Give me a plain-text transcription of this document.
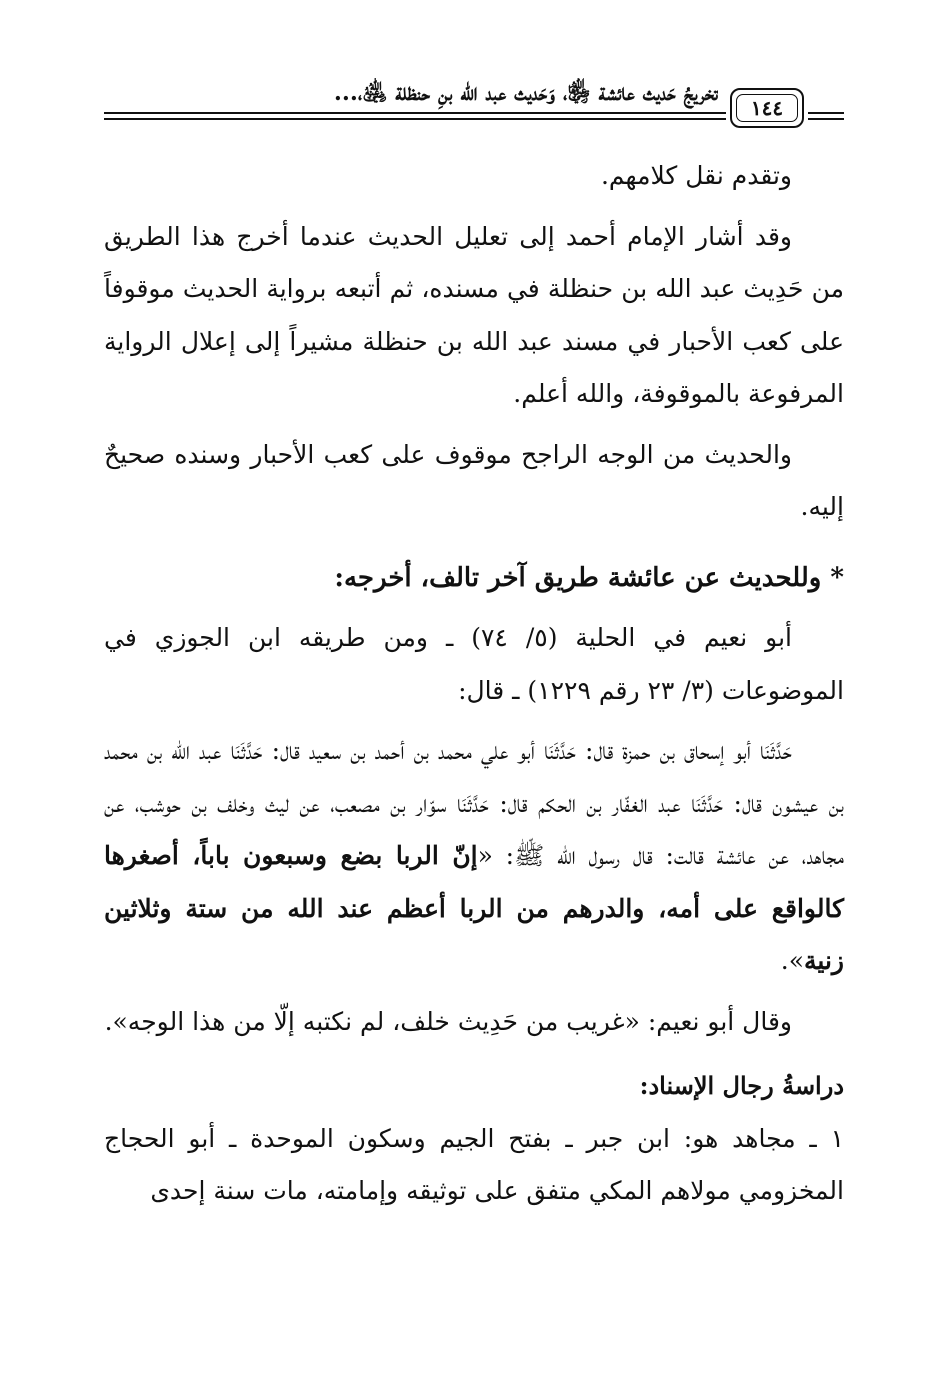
تخريجُ حَديث عائشة ﵂، وَحَديث عبد الله بنِ حنظلة ﵁،...
١٤٤

وتقدم نقل كلامهم.

وقد أشار الإمام أحمد إلى تعليل الحديث عندما أخرج هذا الطريق من حَدِيث عبد الله بن حنظلة في مسنده، ثم أتبعه برواية الحديث موقوفاً على كعب الأحبار في مسند عبد الله بن حنظلة مشيراً إلى إعلال الرواية المرفوعة بالموقوفة، والله أعلم.

والحديث من الوجه الراجح موقوف على كعب الأحبار وسنده صحيحٌ إليه.

* وللحديث عن عائشة طريق آخر تالف، أخرجه:

أبو نعيم في الحلية (٥/ ٧٤) ـ ومن طريقه ابن الجوزي في الموضوعات (٣/ ٢٣ رقم ١٢٢٩) ـ قال:

حَدَّثَنَا أبو إسحاق بن حمزة قال: حَدَّثَنَا أبو علي محمد بن أحمد بن سعيد قال: حَدَّثَنَا عبد الله بن محمد بن عيشون قال: حَدَّثَنَا عبد الغفّار بن الحكم قال: حَدَّثَنَا سوّار بن مصعب، عن ليث وخلف بن حوشب، عن مجاهد، عن عائشة قالت: قال رسول الله ﷺ: «إنّ الربا بضع وسبعون باباً، أصغرها كالواقع على أمه، والدرهم من الربا أعظم عند الله من ستة وثلاثين زنية».

وقال أبو نعيم: «غريب من حَدِيث خلف، لم نكتبه إلّا من هذا الوجه».

دراسةُ رجال الإسناد:

١ ـ مجاهد هو: ابن جبر ـ بفتح الجيم وسكون الموحدة ـ أبو الحجاج المخزومي مولاهم المكي متفق على توثيقه وإمامته، مات سنة إحدى
